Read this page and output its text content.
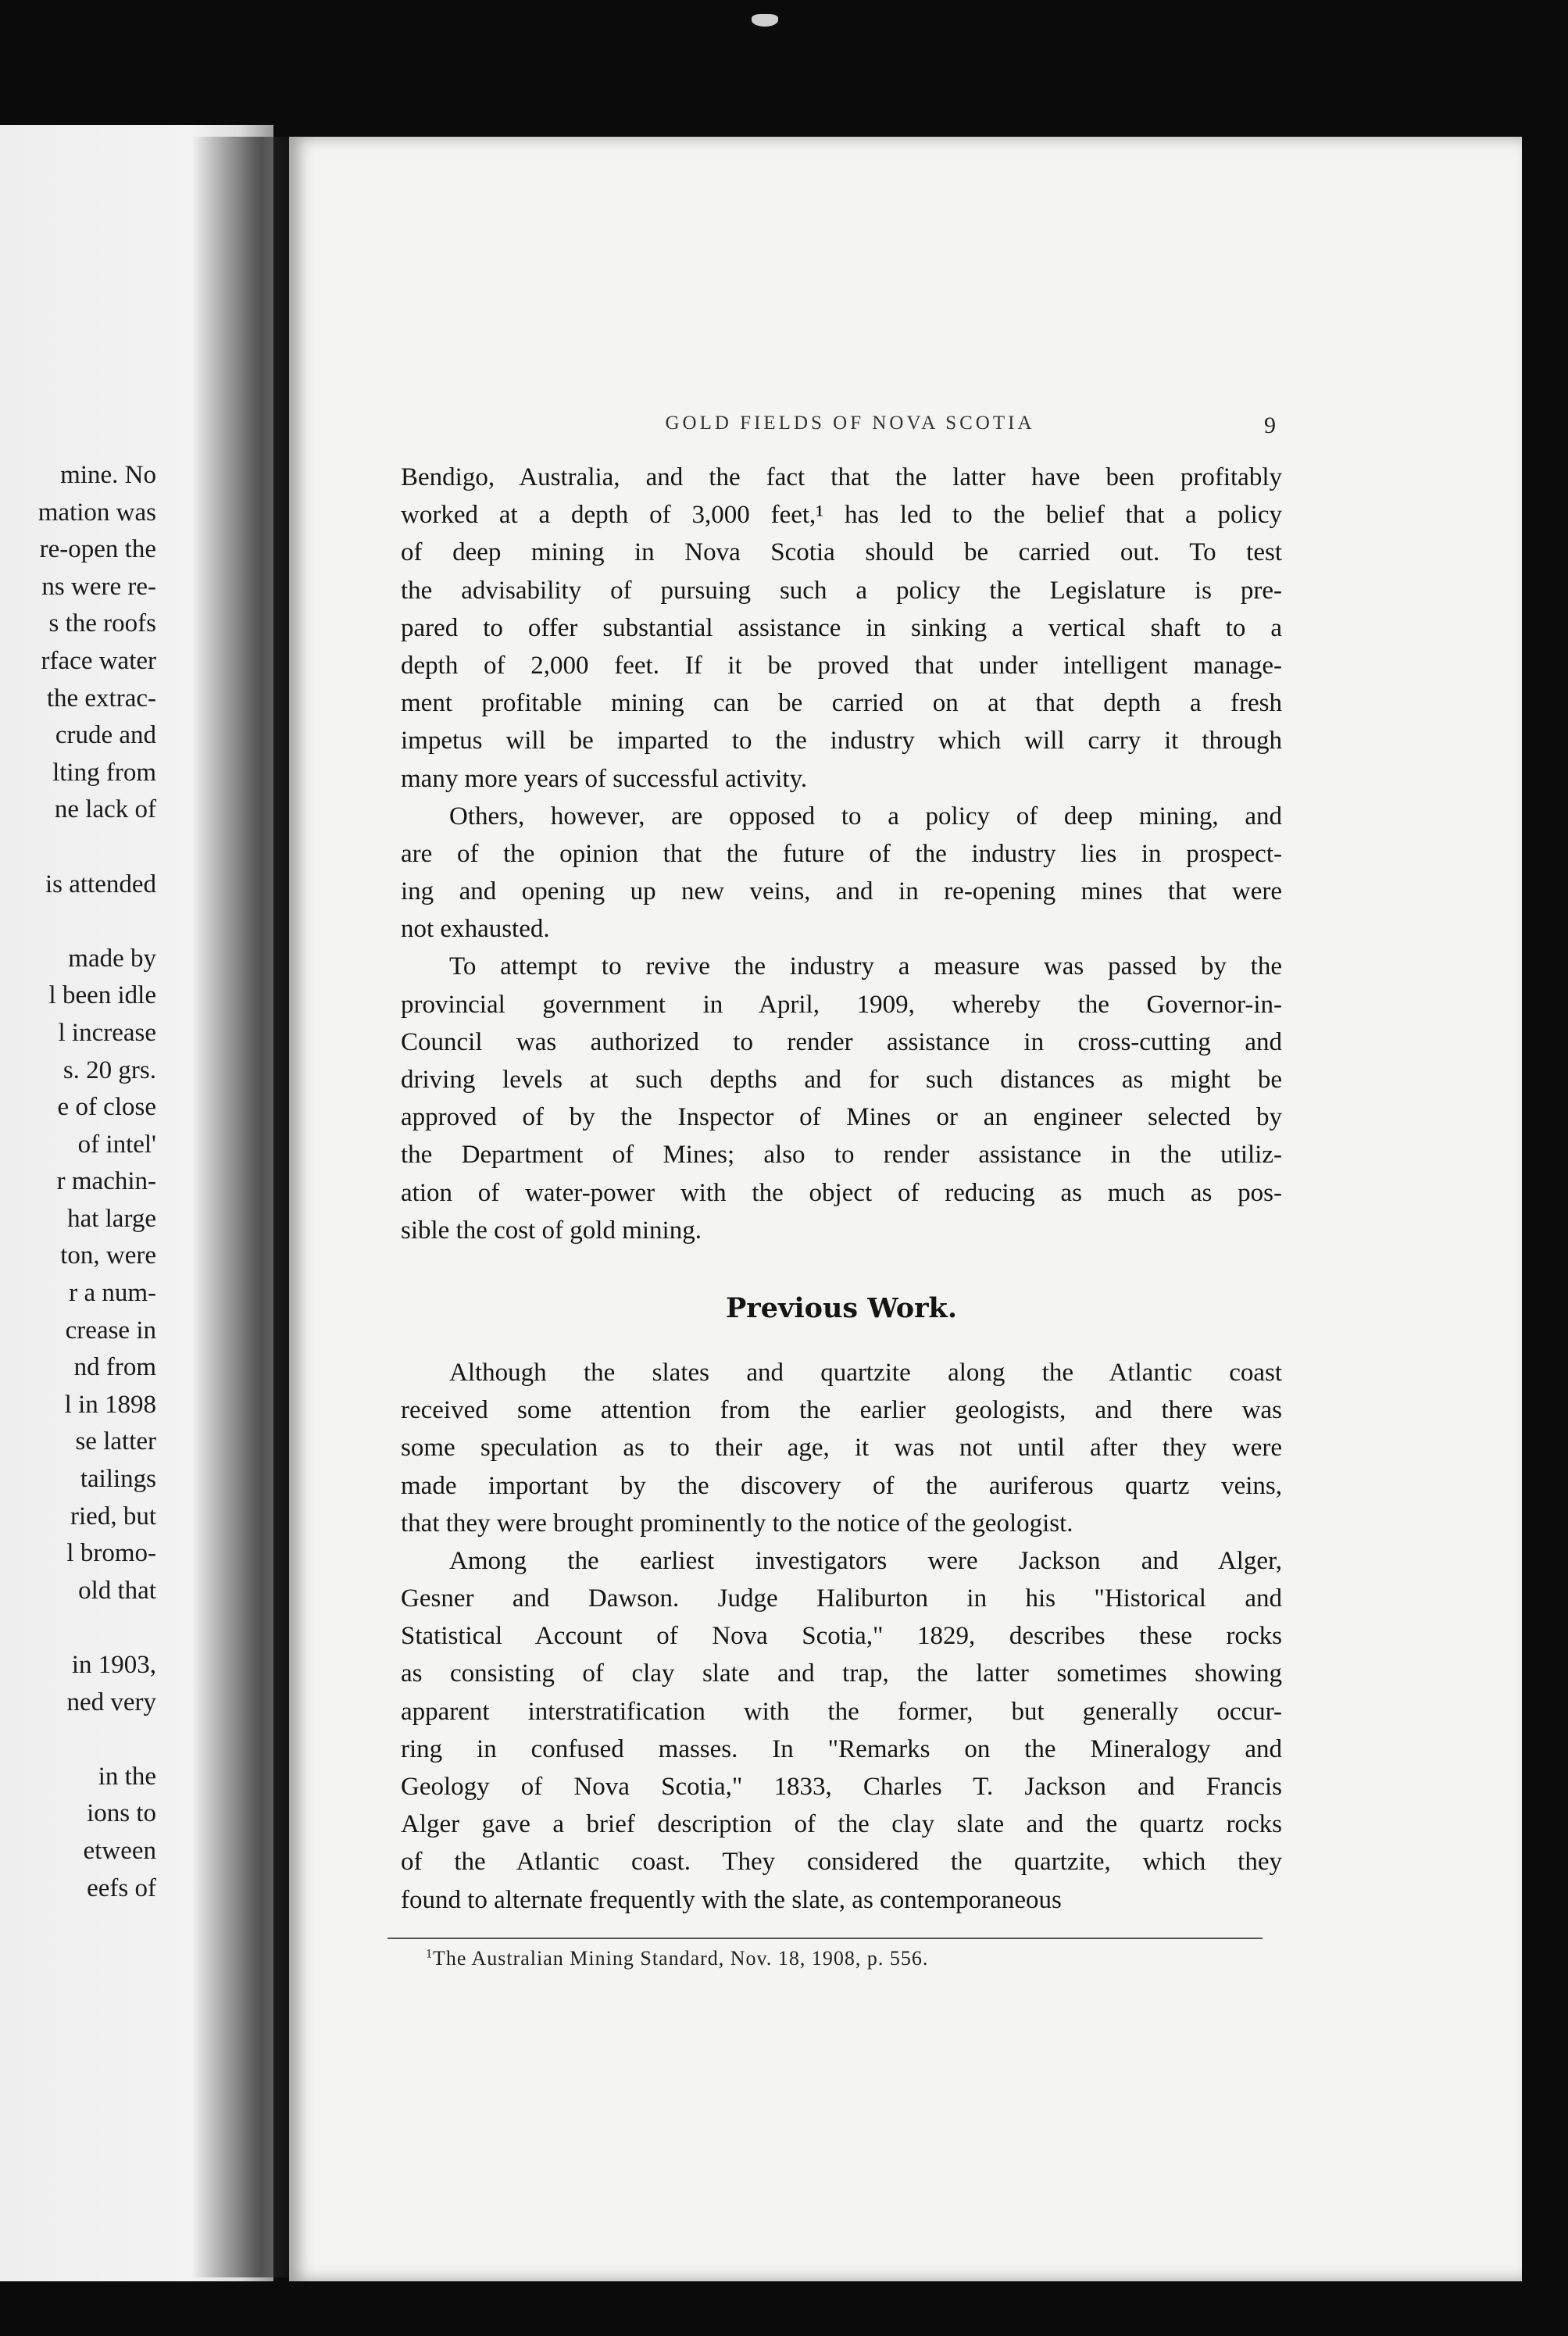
mine. No
mation was
re-open the
ns were re-
s the roofs
rface water
the extrac-
crude and
lting from
ne lack of
is attended
made by
l been idle
l increase
s. 20 grs.
e of close
of intel'
r machin-
hat large
ton, were
r a num-
crease in
nd from
l in 1898
se latter
tailings
ried, but
l bromo-
old that
in 1903,
ned very
in the
ions to
etween
eefs of
GOLD FIELDS OF NOVA SCOTIA	9
Bendigo, Australia, and the fact that the latter have been profitably
worked at a depth of 3,000 feet,¹ has led to the belief that a policy
of deep mining in Nova Scotia should be carried out. To test
the advisability of pursuing such a policy the Legislature is pre-
pared to offer substantial assistance in sinking a vertical shaft to a
depth of 2,000 feet. If it be proved that under intelligent manage-
ment profitable mining can be carried on at that depth a fresh
impetus will be imparted to the industry which will carry it through
many more years of successful activity.
Others, however, are opposed to a policy of deep mining, and
are of the opinion that the future of the industry lies in prospect-
ing and opening up new veins, and in re-opening mines that were
not exhausted.
To attempt to revive the industry a measure was passed by the
provincial government in April, 1909, whereby the Governor-in-
Council was authorized to render assistance in cross-cutting and
driving levels at such depths and for such distances as might be
approved of by the Inspector of Mines or an engineer selected by
the Department of Mines; also to render assistance in the utiliz-
ation of water-power with the object of reducing as much as pos-
sible the cost of gold mining.
Previous Work.
Although the slates and quartzite along the Atlantic coast
received some attention from the earlier geologists, and there was
some speculation as to their age, it was not until after they were
made important by the discovery of the auriferous quartz veins,
that they were brought prominently to the notice of the geologist.
Among the earliest investigators were Jackson and Alger,
Gesner and Dawson. Judge Haliburton in his "Historical and
Statistical Account of Nova Scotia," 1829, describes these rocks
as consisting of clay slate and trap, the latter sometimes showing
apparent interstratification with the former, but generally occur-
ring in confused masses. In "Remarks on the Mineralogy and
Geology of Nova Scotia," 1833, Charles T. Jackson and Francis
Alger gave a brief description of the clay slate and the quartz rocks
of the Atlantic coast. They considered the quartzite, which they
found to alternate frequently with the slate, as contemporaneous
$^1$The Australian Mining Standard, Nov. 18, 1908, p. 556.
